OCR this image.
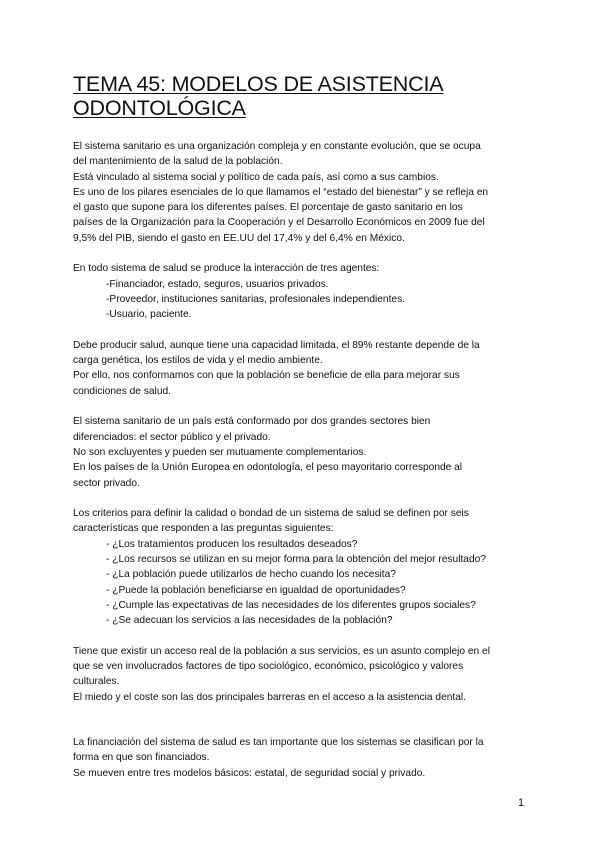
TEMA 45: MODELOS DE ASISTENCIA
ODONTOLÓGICA
El sistema sanitario es una organización compleja y en constante evolución, que se ocupa
del mantenimiento de la salud de la población.
Está vinculado al sistema social y político de cada país, así como a sus cambios.
Es uno de los pilares esenciales de lo que llamamos el “estado del bienestar” y se refleja en
el gasto que supone para los diferentes países. El porcentaje de gasto sanitario en los
países de la Organización para la Cooperación y el Desarrollo Económicos en 2009 fue del
9,5% del PIB, siendo el gasto en EE.UU del 17,4% y del 6,4% en México.
En todo sistema de salud se produce la interacción de tres agentes:
-Financiador, estado, seguros, usuarios privados.
-Proveedor, instituciones sanitarias, profesionales independientes.
-Usuario, paciente.
Debe producir salud, aunque tiene una capacidad limitada, el 89% restante depende de la
carga genética, los estilos de vida y el medio ambiente.
Por ello, nos conformamos con que la población se beneficie de ella para mejorar sus
condiciones de salud.
El sistema sanitario de un país está conformado por dos grandes sectores bien
diferenciados: el sector público y el privado.
No son excluyentes y pueden ser mutuamente complementarios.
En los países de la Unión Europea en odontología, el peso mayoritario corresponde al
sector privado.
Los criterios para definir la calidad o bondad de un sistema de salud se definen por seis
características que responden a las preguntas siguientes:
- ¿Los tratamientos producen los resultados deseados?
- ¿Los recursos se utilizan en su mejor forma para la obtención del mejor resultado?
- ¿La población puede utilizarlos de hecho cuando los necesita?
- ¿Puede la población beneficiarse en igualdad de oportunidades?
- ¿Cumple las expectativas de las necesidades de los diferentes grupos sociales?
- ¿Se adecuan los servicios a las necesidades de la población?
Tiene que existir un acceso real de la población a sus servicios, es un asunto complejo en el
que se ven involucrados factores de tipo sociológico, económico, psicológico y valores
culturales.
El miedo y el coste son las dos principales barreras en el acceso a la asistencia dental.
La financiación del sistema de salud es tan importante que los sistemas se clasifican por la
forma en que son financiados.
Se mueven entre tres modelos básicos: estatal, de seguridad social y privado.
1
